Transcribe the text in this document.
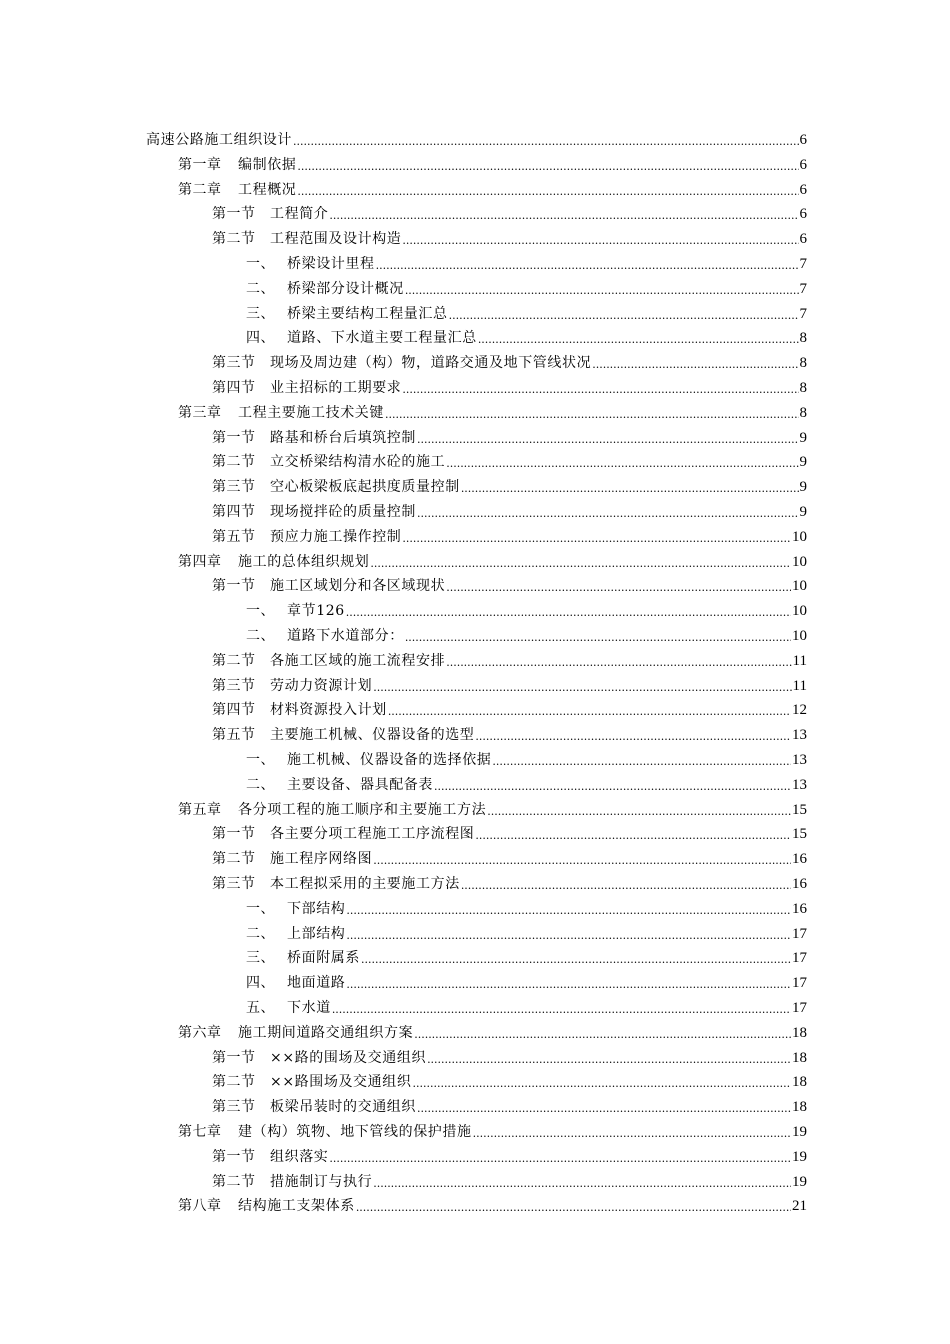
高速公路施工组织设计 .....	6
第一章	编制依据 .....	6
第二章	工程概况 .....	6
第一节	工程简介 .....	6
第二节	工程范围及设计构造 .....	6
一、 桥梁设计里程 .....	7
二、 桥梁部分设计概况 .....	7
三、 桥梁主要结构工程量汇总 .....	7
四、 道路、下水道主要工程量汇总 .....	8
第三节	现场及周边建（构）物，道路交通及地下管线状况 .....	8
第四节	业主招标的工期要求 .....	8
第三章	工程主要施工技术关键 .....	8
第一节	路基和桥台后填筑控制 .....	9
第二节	立交桥梁结构清水砼的施工 .....	9
第三节	空心板梁板底起拱度质量控制 .....	9
第四节	现场搅拌砼的质量控制 .....	9
第五节	预应力施工操作控制 .....	10
第四章	施工的总体组织规划 .....	10
第一节	施工区域划分和各区域现状 .....	10
一、 章节126 .....	10
二、 道路下水道部分： .....	10
第二节	各施工区域的施工流程安排 .....	11
第三节	劳动力资源计划 .....	11
第四节	材料资源投入计划 .....	12
第五节	主要施工机械、仪器设备的选型 .....	13
一、 施工机械、仪器设备的选择依据 .....	13
二、 主要设备、器具配备表 .....	13
第五章	各分项工程的施工顺序和主要施工方法 .....	15
第一节	各主要分项工程施工工序流程图 .....	15
第二节	施工程序网络图 .....	16
第三节	本工程拟采用的主要施工方法 .....	16
一、 下部结构 .....	16
二、 上部结构 .....	17
三、 桥面附属系 .....	17
四、 地面道路 .....	17
五、 下水道 .....	17
第六章	施工期间道路交通组织方案 .....	18
第一节	××路的围场及交通组织 .....	18
第二节	××路围场及交通组织 .....	18
第三节	板梁吊装时的交通组织 .....	18
第七章	建（构）筑物、地下管线的保护措施 .....	19
第一节	组织落实 .....	19
第二节	措施制订与执行 .....	19
第八章	结构施工支架体系 .....	21
